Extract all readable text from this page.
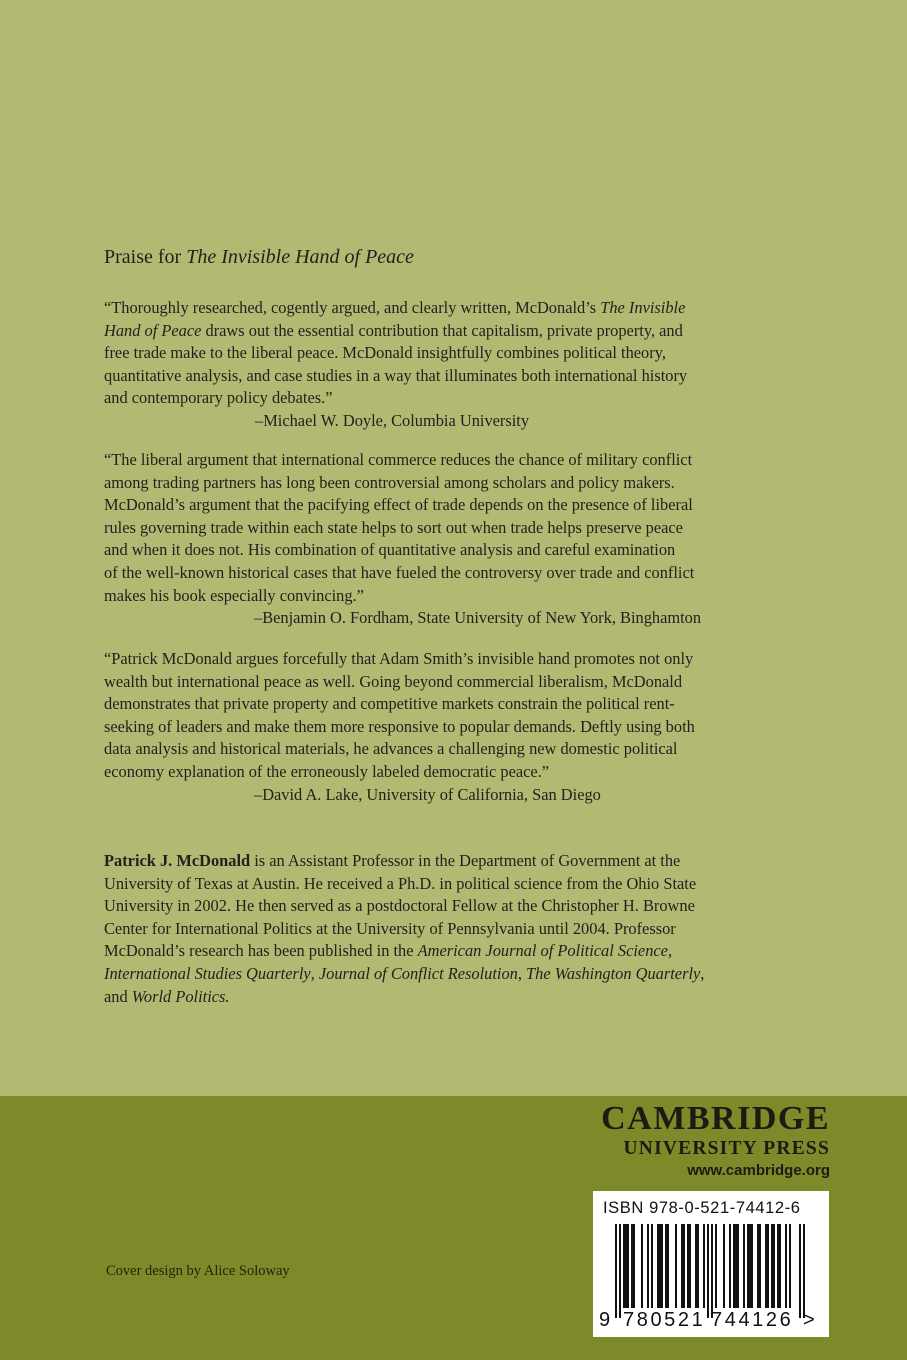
Praise for The Invisible Hand of Peace
“Thoroughly researched, cogently argued, and clearly written, McDonald’s The Invisible
Hand of Peace draws out the essential contribution that capitalism, private property, and
free trade make to the liberal peace. McDonald insightfully combines political theory,
quantitative analysis, and case studies in a way that illuminates both international history
and contemporary policy debates.”
–Michael W. Doyle, Columbia University
“The liberal argument that international commerce reduces the chance of military conflict
among trading partners has long been controversial among scholars and policy makers.
McDonald’s argument that the pacifying effect of trade depends on the presence of liberal
rules governing trade within each state helps to sort out when trade helps preserve peace
and when it does not. His combination of quantitative analysis and careful examination
of the well-known historical cases that have fueled the controversy over trade and conflict
makes his book especially convincing.”
–Benjamin O. Fordham, State University of New York, Binghamton
“Patrick McDonald argues forcefully that Adam Smith’s invisible hand promotes not only
wealth but international peace as well. Going beyond commercial liberalism, McDonald
demonstrates that private property and competitive markets constrain the political rent-
seeking of leaders and make them more responsive to popular demands. Deftly using both
data analysis and historical materials, he advances a challenging new domestic political
economy explanation of the erroneously labeled democratic peace.”
–David A. Lake, University of California, San Diego
Patrick J. McDonald is an Assistant Professor in the Department of Government at the
University of Texas at Austin. He received a Ph.D. in political science from the Ohio State
University in 2002. He then served as a postdoctoral Fellow at the Christopher H. Browne
Center for International Politics at the University of Pennsylvania until 2004. Professor
McDonald’s research has been published in the American Journal of Political Science,
International Studies Quarterly, Journal of Conflict Resolution, The Washington Quarterly,
and World Politics.
CAMBRIDGE
UNIVERSITY PRESS
www.cambridge.org
ISBN 978-0-521-74412-6
9 780521 744126 >
Cover design by Alice Soloway
